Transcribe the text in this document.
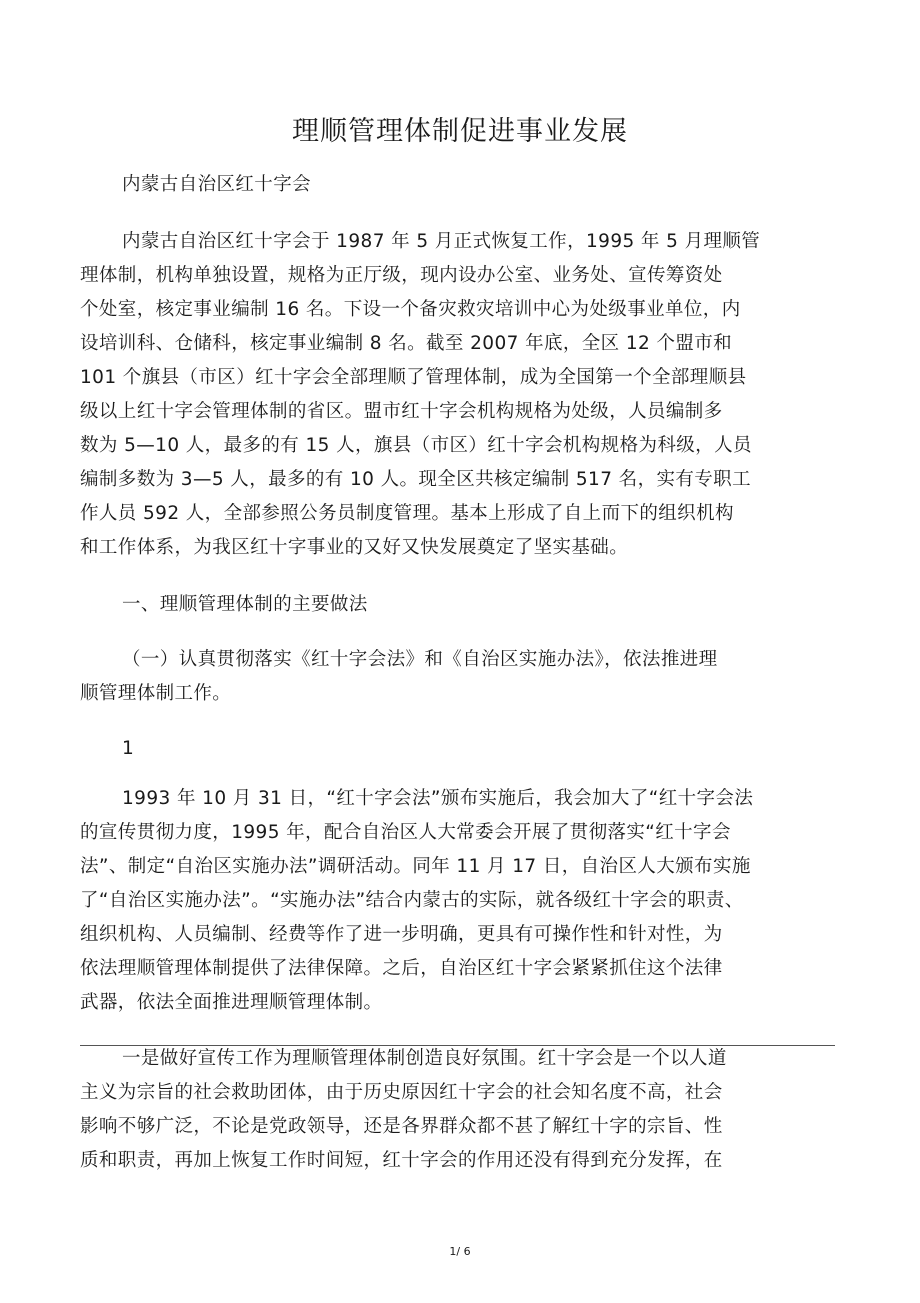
理顺管理体制促进事业发展
内蒙古自治区红十字会
内蒙古自治区红十字会于 1987 年 5 月正式恢复工作，1995 年 5 月理顺管
理体制，机构单独设置，规格为正厅级，现内设办公室、业务处、宣传筹资处
个处室，核定事业编制 16 名。下设一个备灾救灾培训中心为处级事业单位，内
设培训科、仓储科，核定事业编制 8 名。截至 2007 年底，全区 12 个盟市和
101 个旗县（市区）红十字会全部理顺了管理体制，成为全国第一个全部理顺县
级以上红十字会管理体制的省区。盟市红十字会机构规格为处级，人员编制多
数为 5—10 人，最多的有 15 人，旗县（市区）红十字会机构规格为科级，人员
编制多数为 3—5 人，最多的有 10 人。现全区共核定编制 517 名，实有专职工
作人员 592 人，全部参照公务员制度管理。基本上形成了自上而下的组织机构
和工作体系，为我区红十字事业的又好又快发展奠定了坚实基础。
一、理顺管理体制的主要做法
（一）认真贯彻落实《红十字会法》和《自治区实施办法》，依法推进理
顺管理体制工作。
1
1993 年 10 月 31 日，“红十字会法”颁布实施后，我会加大了“红十字会法
的宣传贯彻力度，1995 年，配合自治区人大常委会开展了贯彻落实“红十字会
法”、制定“自治区实施办法”调研活动。同年 11 月 17 日，自治区人大颁布实施
了“自治区实施办法”。“实施办法”结合内蒙古的实际，就各级红十字会的职责、
组织机构、人员编制、经费等作了进一步明确，更具有可操作性和针对性，为
依法理顺管理体制提供了法律保障。之后，自治区红十字会紧紧抓住这个法律
武器，依法全面推进理顺管理体制。
一是做好宣传工作为理顺管理体制创造良好氛围。红十字会是一个以人道
主义为宗旨的社会救助团体，由于历史原因红十字会的社会知名度不高，社会
影响不够广泛，不论是党政领导，还是各界群众都不甚了解红十字的宗旨、性
质和职责，再加上恢复工作时间短，红十字会的作用还没有得到充分发挥，在
1/ 6
